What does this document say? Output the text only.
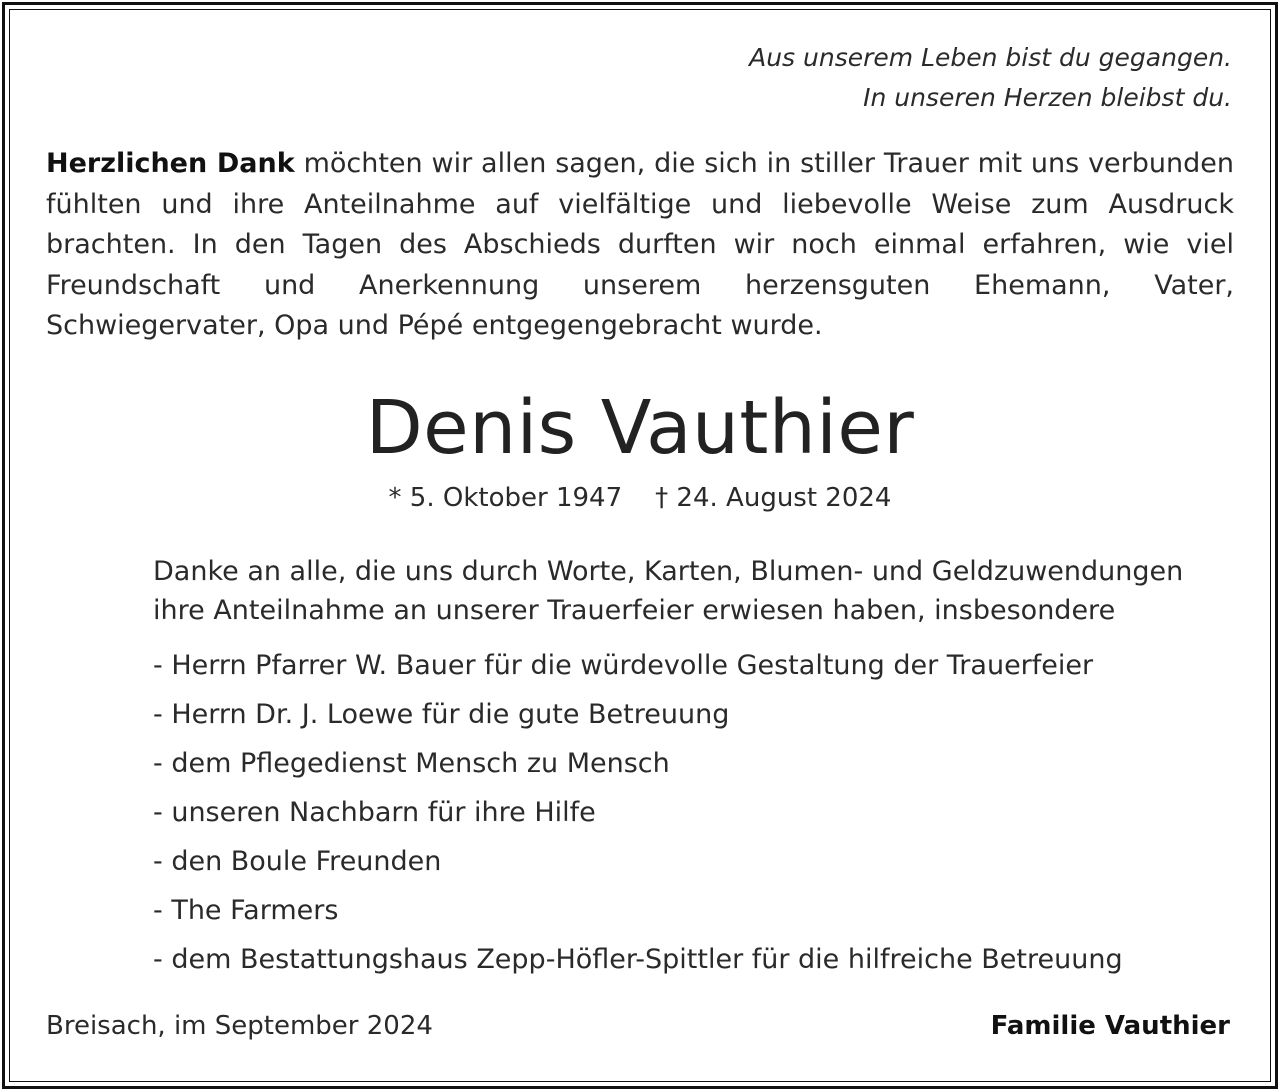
Aus unserem Leben bist du gegangen.
In unseren Herzen bleibst du.

Herzlichen Dank möchten wir allen sagen, die sich in stiller Trauer mit uns verbunden fühlten und ihre Anteilnahme auf vielfältige und liebevolle Weise zum Ausdruck brachten. In den Tagen des Abschieds durften wir noch einmal erfahren, wie viel Freundschaft und Anerkennung unserem herzensguten Ehemann, Vater, Schwiegervater, Opa und Pépé entgegengebracht wurde.

Denis Vauthier
* 5. Oktober 1947    † 24. August 2024
Danke an alle, die uns durch Worte, Karten, Blumen- und Geldzuwendungen
ihre Anteilnahme an unserer Trauerfeier erwiesen haben, insbesondere
- Herrn Pfarrer W. Bauer für die würdevolle Gestaltung der Trauerfeier
- Herrn Dr. J. Loewe für die gute Betreuung
- dem Pflegedienst Mensch zu Mensch
- unseren Nachbarn für ihre Hilfe
- den Boule Freunden
- The Farmers
- dem Bestattungshaus Zepp-Höfler-Spittler für die hilfreiche Betreuung
Breisach, im September 2024	Familie Vauthier
